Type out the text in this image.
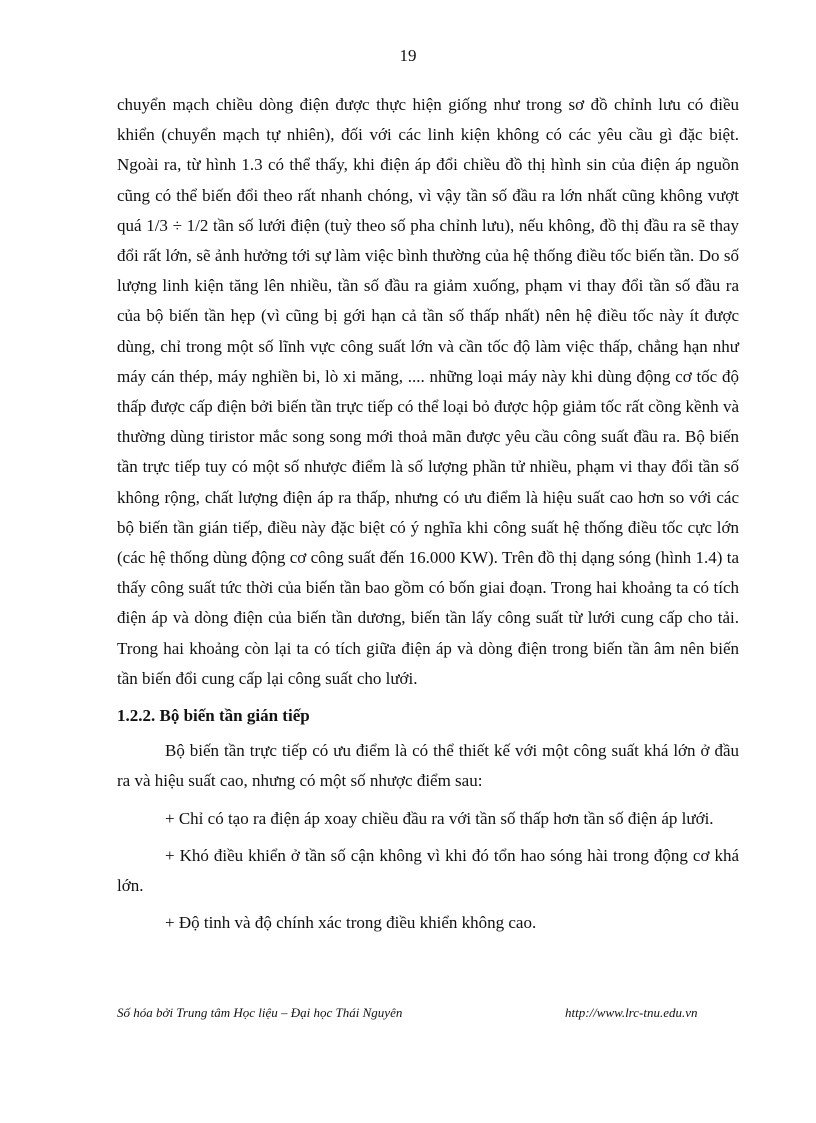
19

chuyển mạch chiều dòng điện được thực hiện giống như trong sơ đồ chỉnh lưu có điều khiển (chuyển mạch tự nhiên), đối với các linh kiện không có các yêu cầu gì đặc biệt. Ngoài ra, từ hình 1.3 có thể thấy, khi điện áp đổi chiều đồ thị hình sin của điện áp nguồn cũng có thể biến đổi theo rất nhanh chóng, vì vậy tần số đầu ra lớn nhất cũng không vượt quá 1/3 ÷ 1/2 tần số lưới điện (tuỳ theo số pha chỉnh lưu), nếu không, đồ thị đầu ra sẽ thay đổi rất lớn, sẽ ảnh hưởng tới sự làm việc bình thường của hệ thống điều tốc biến tần. Do số lượng linh kiện tăng lên nhiều, tần số đầu ra giảm xuống, phạm vi thay đổi tần số đầu ra của bộ biến tần hẹp (vì cũng bị gới hạn cả tần số thấp nhất) nên hệ điều tốc này ít được dùng, chỉ trong một số lĩnh vực công suất lớn và cần tốc độ làm việc thấp, chẳng hạn như máy cán thép, máy nghiền bi, lò xi măng, .... những loại máy này khi dùng động cơ tốc độ thấp được cấp điện bởi biến tần trực tiếp có thể loại bỏ được hộp giảm tốc rất cồng kềnh và thường dùng tiristor mắc song song mới thoả mãn được yêu cầu công suất đầu ra. Bộ biến tần trực tiếp tuy có một số nhược điểm là số lượng phần tử nhiều, phạm vi thay đổi tần số không rộng, chất lượng điện áp ra thấp, nhưng có ưu điểm là hiệu suất cao hơn so với các bộ biến tần gián tiếp, điều này đặc biệt có ý nghĩa khi công suất hệ thống điều tốc cực lớn (các hệ thống dùng động cơ công suất đến 16.000 KW). Trên đồ thị dạng sóng (hình 1.4) ta thấy công suất tức thời của biến tần bao gồm có bốn giai đoạn. Trong hai khoảng ta có tích điện áp và dòng điện của biến tần dương, biến tần lấy công suất từ lưới cung cấp cho tải. Trong hai khoảng còn lại ta có tích giữa điện áp và dòng điện trong biến tần âm nên biến tần biến đổi cung cấp lại công suất cho lưới.

1.2.2. Bộ biến tần gián tiếp

Bộ biến tần trực tiếp có ưu điểm là có thể thiết kế với một công suất khá lớn ở đầu ra và hiệu suất cao, nhưng có một số nhược điểm sau:

+ Chỉ có tạo ra điện áp xoay chiều đầu ra với tần số thấp hơn tần số điện áp lưới.

+ Khó điều khiển ở tần số cận không vì khi đó tổn hao sóng hài trong động cơ khá lớn.

+ Độ tinh và độ chính xác trong điều khiển không cao.

Số hóa bởi Trung tâm Học liệu – Đại học Thái Nguyên	http://www.lrc-tnu.edu.vn
